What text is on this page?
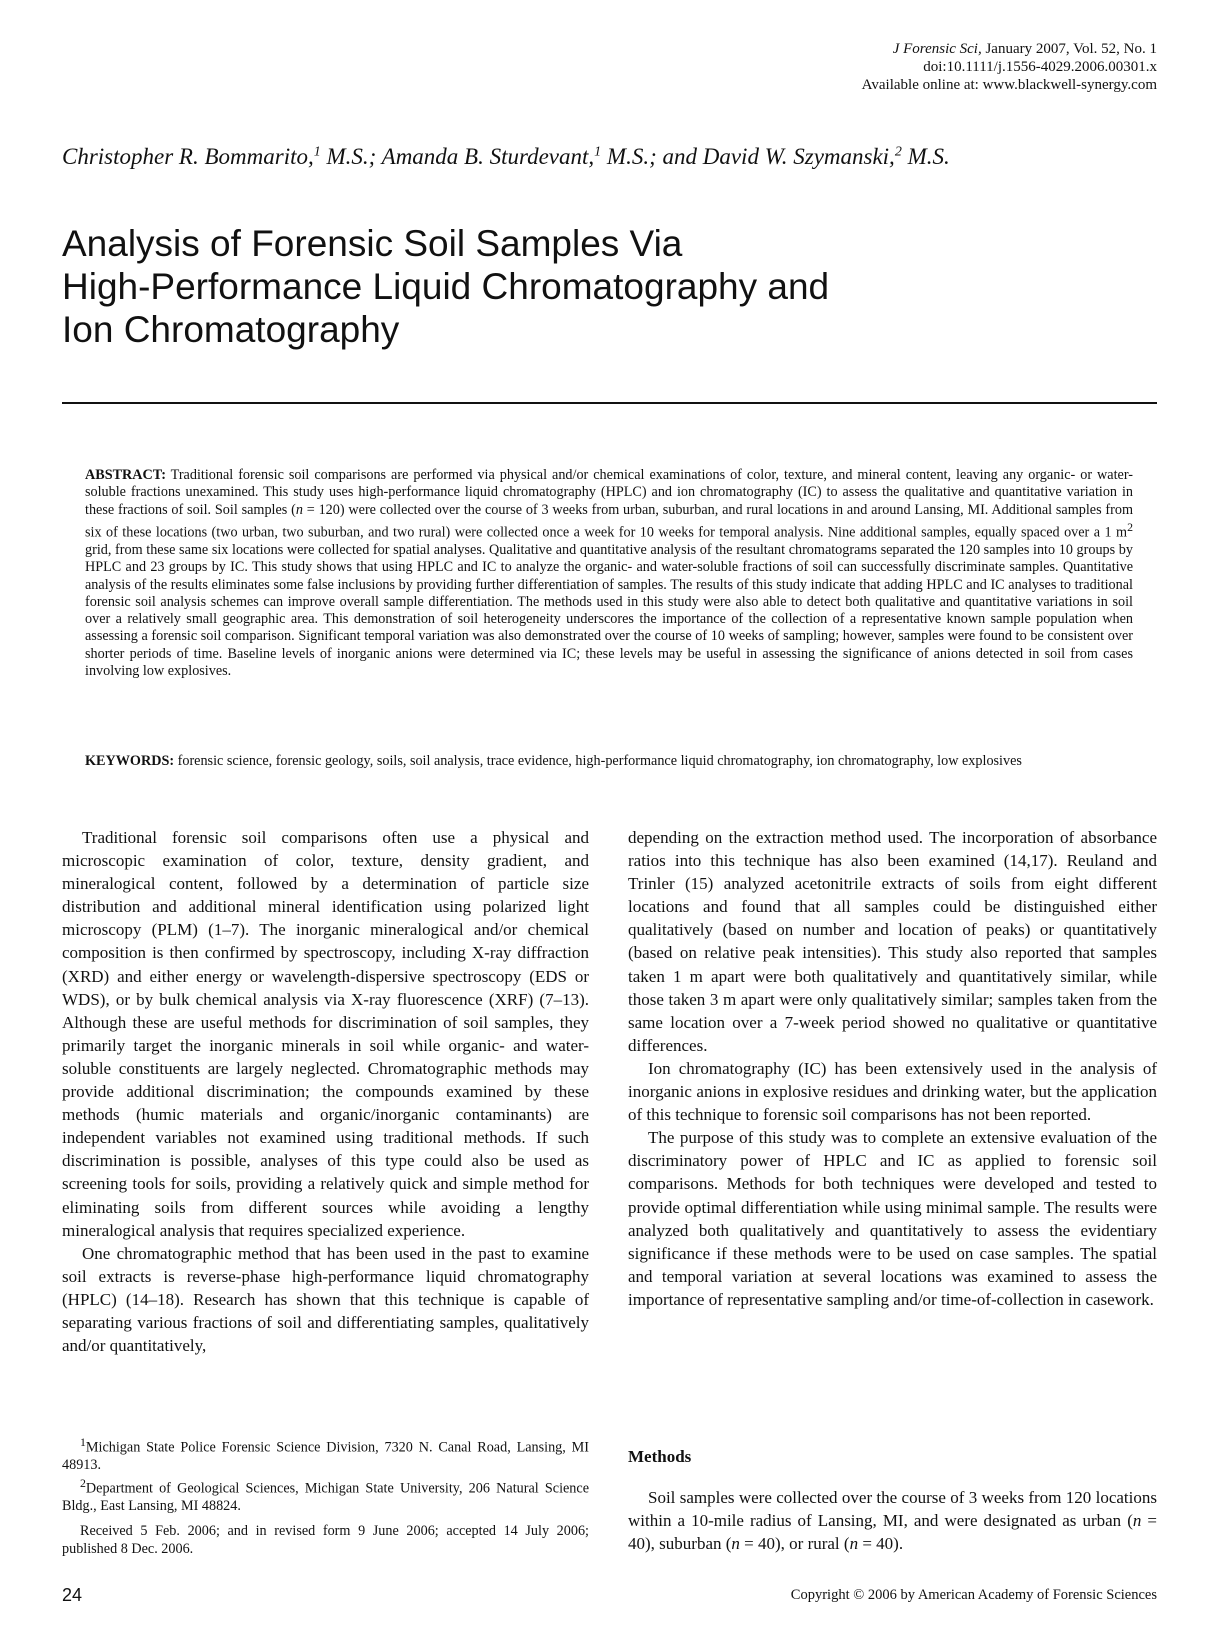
J Forensic Sci, January 2007, Vol. 52, No. 1
doi:10.1111/j.1556-4029.2006.00301.x
Available online at: www.blackwell-synergy.com
Christopher R. Bommarito,$^1$ M.S.; Amanda B. Sturdevant,$^1$ M.S.; and David W. Szymanski,$^2$ M.S.
Analysis of Forensic Soil Samples Via
High-Performance Liquid Chromatography and
Ion Chromatography
ABSTRACT: Traditional forensic soil comparisons are performed via physical and/or chemical examinations of color, texture, and mineral content, leaving any organic- or water-soluble fractions unexamined. This study uses high-performance liquid chromatography (HPLC) and ion chromatography (IC) to assess the qualitative and quantitative variation in these fractions of soil. Soil samples (n = 120) were collected over the course of 3 weeks from urban, suburban, and rural locations in and around Lansing, MI. Additional samples from six of these locations (two urban, two suburban, and two rural) were collected once a week for 10 weeks for temporal analysis. Nine additional samples, equally spaced over a 1 $m^2$ grid, from these same six locations were collected for spatial analyses. Qualitative and quantitative analysis of the resultant chromatograms separated the 120 samples into 10 groups by HPLC and 23 groups by IC. This study shows that using HPLC and IC to analyze the organic- and water-soluble fractions of soil can successfully discriminate samples. Quantitative analysis of the results eliminates some false inclusions by providing further differentiation of samples. The results of this study indicate that adding HPLC and IC analyses to traditional forensic soil analysis schemes can improve overall sample differentiation. The methods used in this study were also able to detect both qualitative and quantitative variations in soil over a relatively small geographic area. This demonstration of soil heterogeneity underscores the importance of the collection of a representative known sample population when assessing a forensic soil comparison. Significant temporal variation was also demonstrated over the course of 10 weeks of sampling; however, samples were found to be consistent over shorter periods of time. Baseline levels of inorganic anions were determined via IC; these levels may be useful in assessing the significance of anions detected in soil from cases involving low explosives.
KEYWORDS: forensic science, forensic geology, soils, soil analysis, trace evidence, high-performance liquid chromatography, ion chromatography, low explosives

Traditional forensic soil comparisons often use a physical and microscopic examination of color, texture, density gradient, and mineralogical content, followed by a determination of particle size distribution and additional mineral identification using polarized light microscopy (PLM) (1–7). The inorganic mineralogical and/or chemical composition is then confirmed by spectroscopy, including X-ray diffraction (XRD) and either energy or wavelength-dispersive spectroscopy (EDS or WDS), or by bulk chemical analysis via X-ray fluorescence (XRF) (7–13). Although these are useful methods for discrimination of soil samples, they primarily target the inorganic minerals in soil while organic- and water-soluble constituents are largely neglected. Chromatographic methods may provide additional discrimination; the compounds examined by these methods (humic materials and organic/inorganic contaminants) are independent variables not examined using traditional methods. If such discrimination is possible, analyses of this type could also be used as screening tools for soils, providing a relatively quick and simple method for eliminating soils from different sources while avoiding a lengthy mineralogical analysis that requires specialized experience.

One chromatographic method that has been used in the past to examine soil extracts is reverse-phase high-performance liquid chromatography (HPLC) (14–18). Research has shown that this technique is capable of separating various fractions of soil and differentiating samples, qualitatively and/or quantitatively,

$^1$Michigan State Police Forensic Science Division, 7320 N. Canal Road, Lansing, MI 48913.

$^2$Department of Geological Sciences, Michigan State University, 206 Natural Science Bldg., East Lansing, MI 48824.

Received 5 Feb. 2006; and in revised form 9 June 2006; accepted 14 July 2006; published 8 Dec. 2006.

depending on the extraction method used. The incorporation of absorbance ratios into this technique has also been examined (14,17). Reuland and Trinler (15) analyzed acetonitrile extracts of soils from eight different locations and found that all samples could be distinguished either qualitatively (based on number and location of peaks) or quantitatively (based on relative peak intensities). This study also reported that samples taken 1 m apart were both qualitatively and quantitatively similar, while those taken 3 m apart were only qualitatively similar; samples taken from the same location over a 7-week period showed no qualitative or quantitative differences.

Ion chromatography (IC) has been extensively used in the analysis of inorganic anions in explosive residues and drinking water, but the application of this technique to forensic soil comparisons has not been reported.

The purpose of this study was to complete an extensive evaluation of the discriminatory power of HPLC and IC as applied to forensic soil comparisons. Methods for both techniques were developed and tested to provide optimal differentiation while using minimal sample. The results were analyzed both qualitatively and quantitatively to assess the evidentiary significance if these methods were to be used on case samples. The spatial and temporal variation at several locations was examined to assess the importance of representative sampling and/or time-of-collection in casework.

Methods

Soil samples were collected over the course of 3 weeks from 120 locations within a 10-mile radius of Lansing, MI, and were designated as urban (n = 40), suburban (n = 40), or rural (n = 40).

24	Copyright © 2006 by American Academy of Forensic Sciences
